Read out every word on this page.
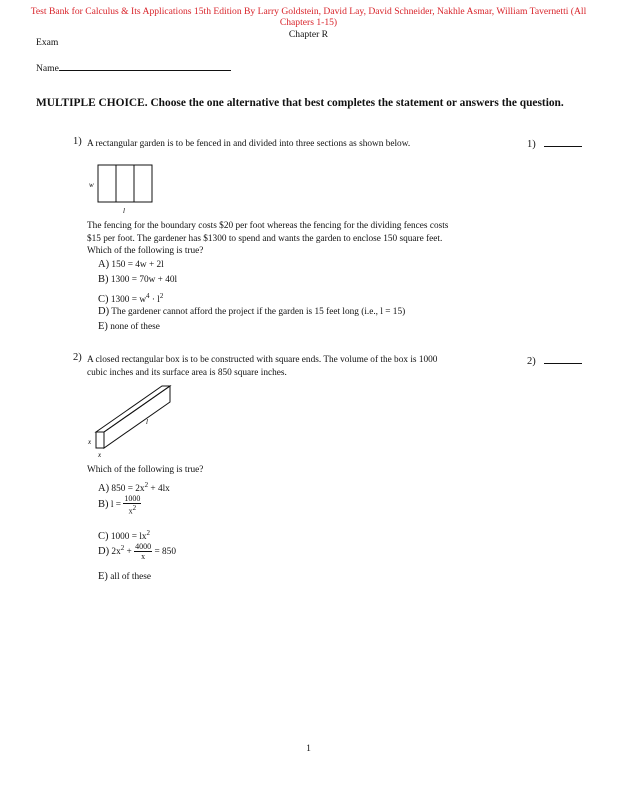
Test Bank for Calculus & Its Applications 15th Edition By Larry Goldstein, David Lay, David Schneider, Nakhle Asmar, William Tavernetti (All
Chapters 1-15)
Chapter R
Exam
Name
MULTIPLE CHOICE. Choose the one alternative that best completes the statement or answers the question.
1) A rectangular garden is to be fenced in and divided into three sections as shown below.	1)
w
l
The fencing for the boundary costs $20 per foot whereas the fencing for the dividing fences costs
$15 per foot. The gardener has $1300 to spend and wants the garden to enclose 150 square feet.
Which of the following is true?
A) 150 = 4w + 2l
B) 1300 = 70w + 40l
C) $1300 = w^4 \cdot l^2$
D) The gardener cannot afford the project if the garden is 15 feet long (i.e., l = 15)
E) none of these
2) A closed rectangular box is to be constructed with square ends. The volume of the box is 1000
cubic inches and its surface area is 850 square inches.
2)
x
x
l
Which of the following is true?
A) $850 = 2x^2 + 4lx$
B) $l = \frac{1000}{x^2}$
C) $1000 = lx^2$
D) $2x^2 + \frac{4000}{x} = 850$
E) all of these
1
